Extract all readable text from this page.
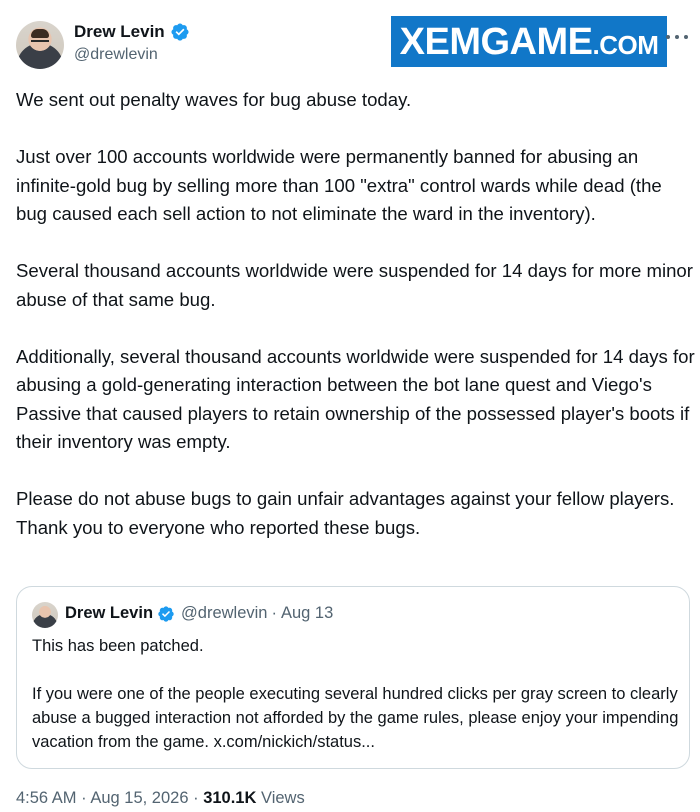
Drew Levin
@drewlevin	XEMGAME .COM

We sent out penalty waves for bug abuse today.

Just over 100 accounts worldwide were permanently banned for abusing an infinite-gold bug by selling more than 100 "extra" control wards while dead (the bug caused each sell action to not eliminate the ward in the inventory).

Several thousand accounts worldwide were suspended for 14 days for more minor abuse of that same bug.

Additionally, several thousand accounts worldwide were suspended for 14 days for abusing a gold-generating interaction between the bot lane quest and Viego's Passive that caused players to retain ownership of the possessed player's boots if their inventory was empty.

Please do not abuse bugs to gain unfair advantages against your fellow players. Thank you to everyone who reported these bugs.

Drew Levin @drewlevin · Aug 13

This has been patched.

If you were one of the people executing several hundred clicks per gray screen to clearly abuse a bugged interaction not afforded by the game rules, please enjoy your impending vacation from the game. x.com/nickich/status...

4:56 AM · Aug 15, 2026 · 310.1K Views
